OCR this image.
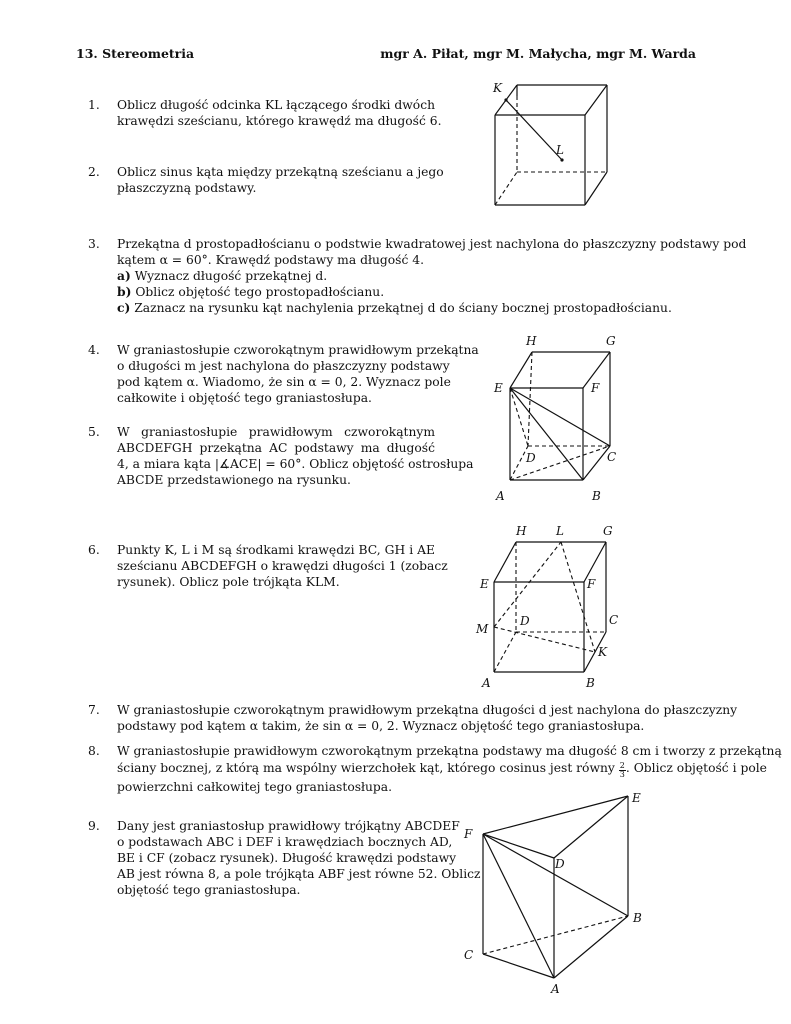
13. Stereometria	mgr A. Piłat, mgr M. Małycha, mgr M. Warda
1.	Oblicz długość odcinka KL łączącego środki dwóch
krawędzi sześcianu, którego krawędź ma długość 6.
2.	Oblicz sinus kąta między przekątną sześcianu a jego
płaszczyzną podstawy.
K
L
3.	Przekątna d prostopadłościanu o podstwie kwadratowej jest nachylona do płaszczyzny podstawy pod
kątem α = 60°. Krawędź podstawy ma długość 4.
a) Wyznacz długość przekątnej d.
b) Oblicz objętość tego prostopadłościanu.
c) Zaznacz na rysunku kąt nachylenia przekątnej d do ściany bocznej prostopadłościanu.
4.	W graniastosłupie czworokątnym prawidłowym przekątna
o długości m jest nachylona do płaszczyzny podstawy
pod kątem α. Wiadomo, że sin α = 0, 2. Wyznacz pole
całkowite i objętość tego graniastosłupa.
5.	W graniastosłupie prawidłowym czworokątnym
ABCDEFGH przekątna AC podstawy ma długość
4, a miara kąta |∡ACE| = 60°. Oblicz objętość ostrosłupa
ABCDE przedstawionego na rysunku.
H	G
E	F
D	C
A	B
6.	Punkty K, L i M są środkami krawędzi BC, GH i AE
sześcianu ABCDEFGH o krawędzi długości 1 (zobacz
rysunek). Oblicz pole trójkąta KLM.
H L	G
E	F
M
D	C
K
A	B
7.	W graniastosłupie czworokątnym prawidłowym przekątna długości d jest nachylona do płaszczyzny
podstawy pod kątem α takim, że sin α = 0, 2. Wyznacz objętość tego graniastosłupa.
8.	W graniastosłupie prawidłowym czworokątnym przekątna podstawy ma długość 8 cm i tworzy z przekątną
ściany bocznej, z którą ma wspólny wierzchołek kąt, którego cosinus jest równy $\frac{2}{3}$ . Oblicz objętość i pole
powierzchni całkowitej tego graniastosłupa.
9.	Dany jest graniastosłup prawidłowy trójkątny ABCDEF
o podstawach ABC i DEF i krawędziach bocznych AD,
BE i CF (zobacz rysunek). Długość krawędzi podstawy
AB jest równa 8, a pole trójkąta ABF jest równe 52. Oblicz
objętość tego graniastosłupa.
E
F
D
B
C
A
